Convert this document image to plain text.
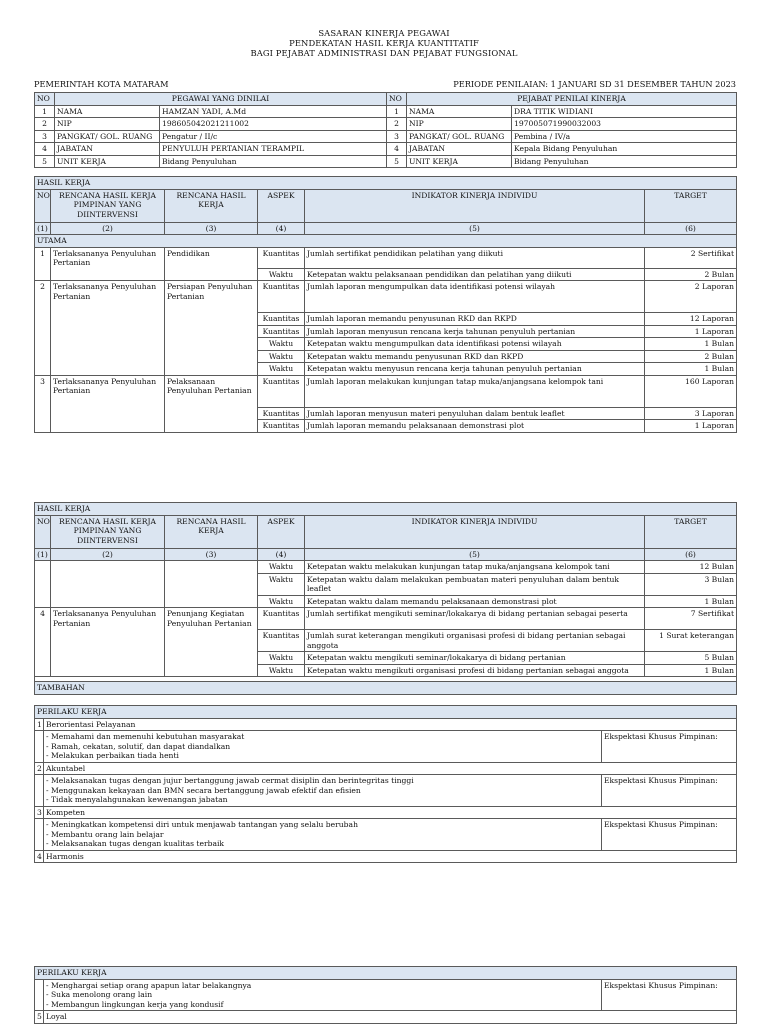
SASARAN KINERJA PEGAWAI
PENDEKATAN HASIL KERJA KUANTITATIF
BAGI PEJABAT ADMINISTRASI DAN PEJABAT FUNGSIONAL
PEMERINTAH KOTA MATARAM	PERIODE PENILAIAN: 1 JANUARI SD 31 DESEMBER TAHUN 2023
NO	PEGAWAI YANG DINILAI		NO	PEJABAT PENILAI KINERJA	
1	NAMA	HAMZAN YADI, A.Md	1	NAMA	DRA TITIK WIDIANI
2	NIP	198605042021211002	2	NIP	197005071990032003
3	PANGKAT/ GOL. RUANG	Pengatur / II/c	3	PANGKAT/ GOL. RUANG	Pembina / IV/a
4	JABATAN	PENYULUH PERTANIAN TERAMPIL	4	JABATAN	Kepala Bidang Penyuluhan
5	UNIT KERJA	Bidang Penyuluhan	5	UNIT KERJA	Bidang Penyuluhan
HASIL KERJA					
NO	RENCANA HASIL KERJA PIMPINAN YANG DIINTERVENSI	RENCANA HASIL KERJA	ASPEK	INDIKATOR KINERJA INDIVIDU	TARGET
(1)	(2)	(3)	(4)	(5)	(6)
UTAMA					
1	Terlaksananya Penyuluhan Pertanian	Pendidikan	Kuantitas	Jumlah sertifikat pendidikan pelatihan yang diikuti	2 Sertifikat
			Waktu	Ketepatan waktu pelaksanaan pendidikan dan pelatihan yang diikuti	2 Bulan
2	Terlaksananya Penyuluhan Pertanian	Persiapan Penyuluhan Pertanian	Kuantitas	Jumlah laporan mengumpulkan data identifikasi potensi wilayah	2 Laporan
			Kuantitas	Jumlah laporan memandu penyusunan RKD dan RKPD	12 Laporan
			Kuantitas	Jumlah laporan menyusun rencana kerja tahunan penyuluh pertanian	1 Laporan
			Waktu	Ketepatan waktu mengumpulkan data identifikasi potensi wilayah	1 Bulan
			Waktu	Ketepatan waktu memandu penyusunan RKD dan RKPD	2 Bulan
			Waktu	Ketepatan waktu menyusun rencana kerja tahunan penyuluh pertanian	1 Bulan
3	Terlaksananya Penyuluhan Pertanian	Pelaksanaan Penyuluhan Pertanian	Kuantitas	Jumlah laporan melakukan kunjungan tatap muka/anjangsana kelompok tani	160 Laporan
			Kuantitas	Jumlah laporan menyusun materi penyuluhan dalam bentuk leaflet	3 Laporan
			Kuantitas	Jumlah laporan memandu pelaksanaan demonstrasi plot	1 Laporan
HASIL KERJA					
NO	RENCANA HASIL KERJA PIMPINAN YANG DIINTERVENSI	RENCANA HASIL KERJA	ASPEK	INDIKATOR KINERJA INDIVIDU	TARGET
(1)	(2)	(3)	(4)	(5)	(6)
			Waktu	Ketepatan waktu melakukan kunjungan tatap muka/anjangsana kelompok tani	12 Bulan
			Waktu	Ketepatan waktu dalam melakukan pembuatan materi penyuluhan dalam bentuk leaflet	3 Bulan
			Waktu	Ketepatan waktu dalam memandu pelaksanaan demonstrasi plot	1 Bulan
4	Terlaksananya Penyuluhan Pertanian	Penunjang Kegiatan Penyuluhan Pertanian	Kuantitas	Jumlah sertifikat mengikuti seminar/lokakarya di bidang pertanian sebagai peserta	7 Sertifikat
			Kuantitas	Jumlah surat keterangan mengikuti organisasi profesi di bidang pertanian sebagai anggota	1 Surat keterangan
			Waktu	Ketepatan waktu mengikuti seminar/lokakarya di bidang pertanian	5 Bulan
			Waktu	Ketepatan waktu mengikuti organisasi profesi di bidang pertanian sebagai anggota	1 Bulan

TAMBAHAN					
PERILAKU KERJA		
1	Berorientasi Pelayanan	
	- Memahami dan memenuhi kebutuhan masyarakat
- Ramah, cekatan, solutif, dan dapat diandalkan
- Melakukan perbaikan tiada henti	Ekspektasi Khusus Pimpinan:
2	Akuntabel	
	- Melaksanakan tugas dengan jujur bertanggung jawab cermat disiplin dan berintegritas tinggi
- Menggunakan kekayaan dan BMN secara bertanggung jawab efektif dan efisien
- Tidak menyalahgunakan kewenangan jabatan	Ekspektasi Khusus Pimpinan:
3	Kompeten	
	- Meningkatkan kompetensi diri untuk menjawab tantangan yang selalu berubah
- Membantu orang lain belajar
- Melaksanakan tugas dengan kualitas terbaik	Ekspektasi Khusus Pimpinan:
4	Harmonis	
PERILAKU KERJA		
	- Menghargai setiap orang apapun latar belakangnya
- Suka menolong orang lain
- Membangun lingkungan kerja yang kondusif	Ekspektasi Khusus Pimpinan:
5	Loyal	
